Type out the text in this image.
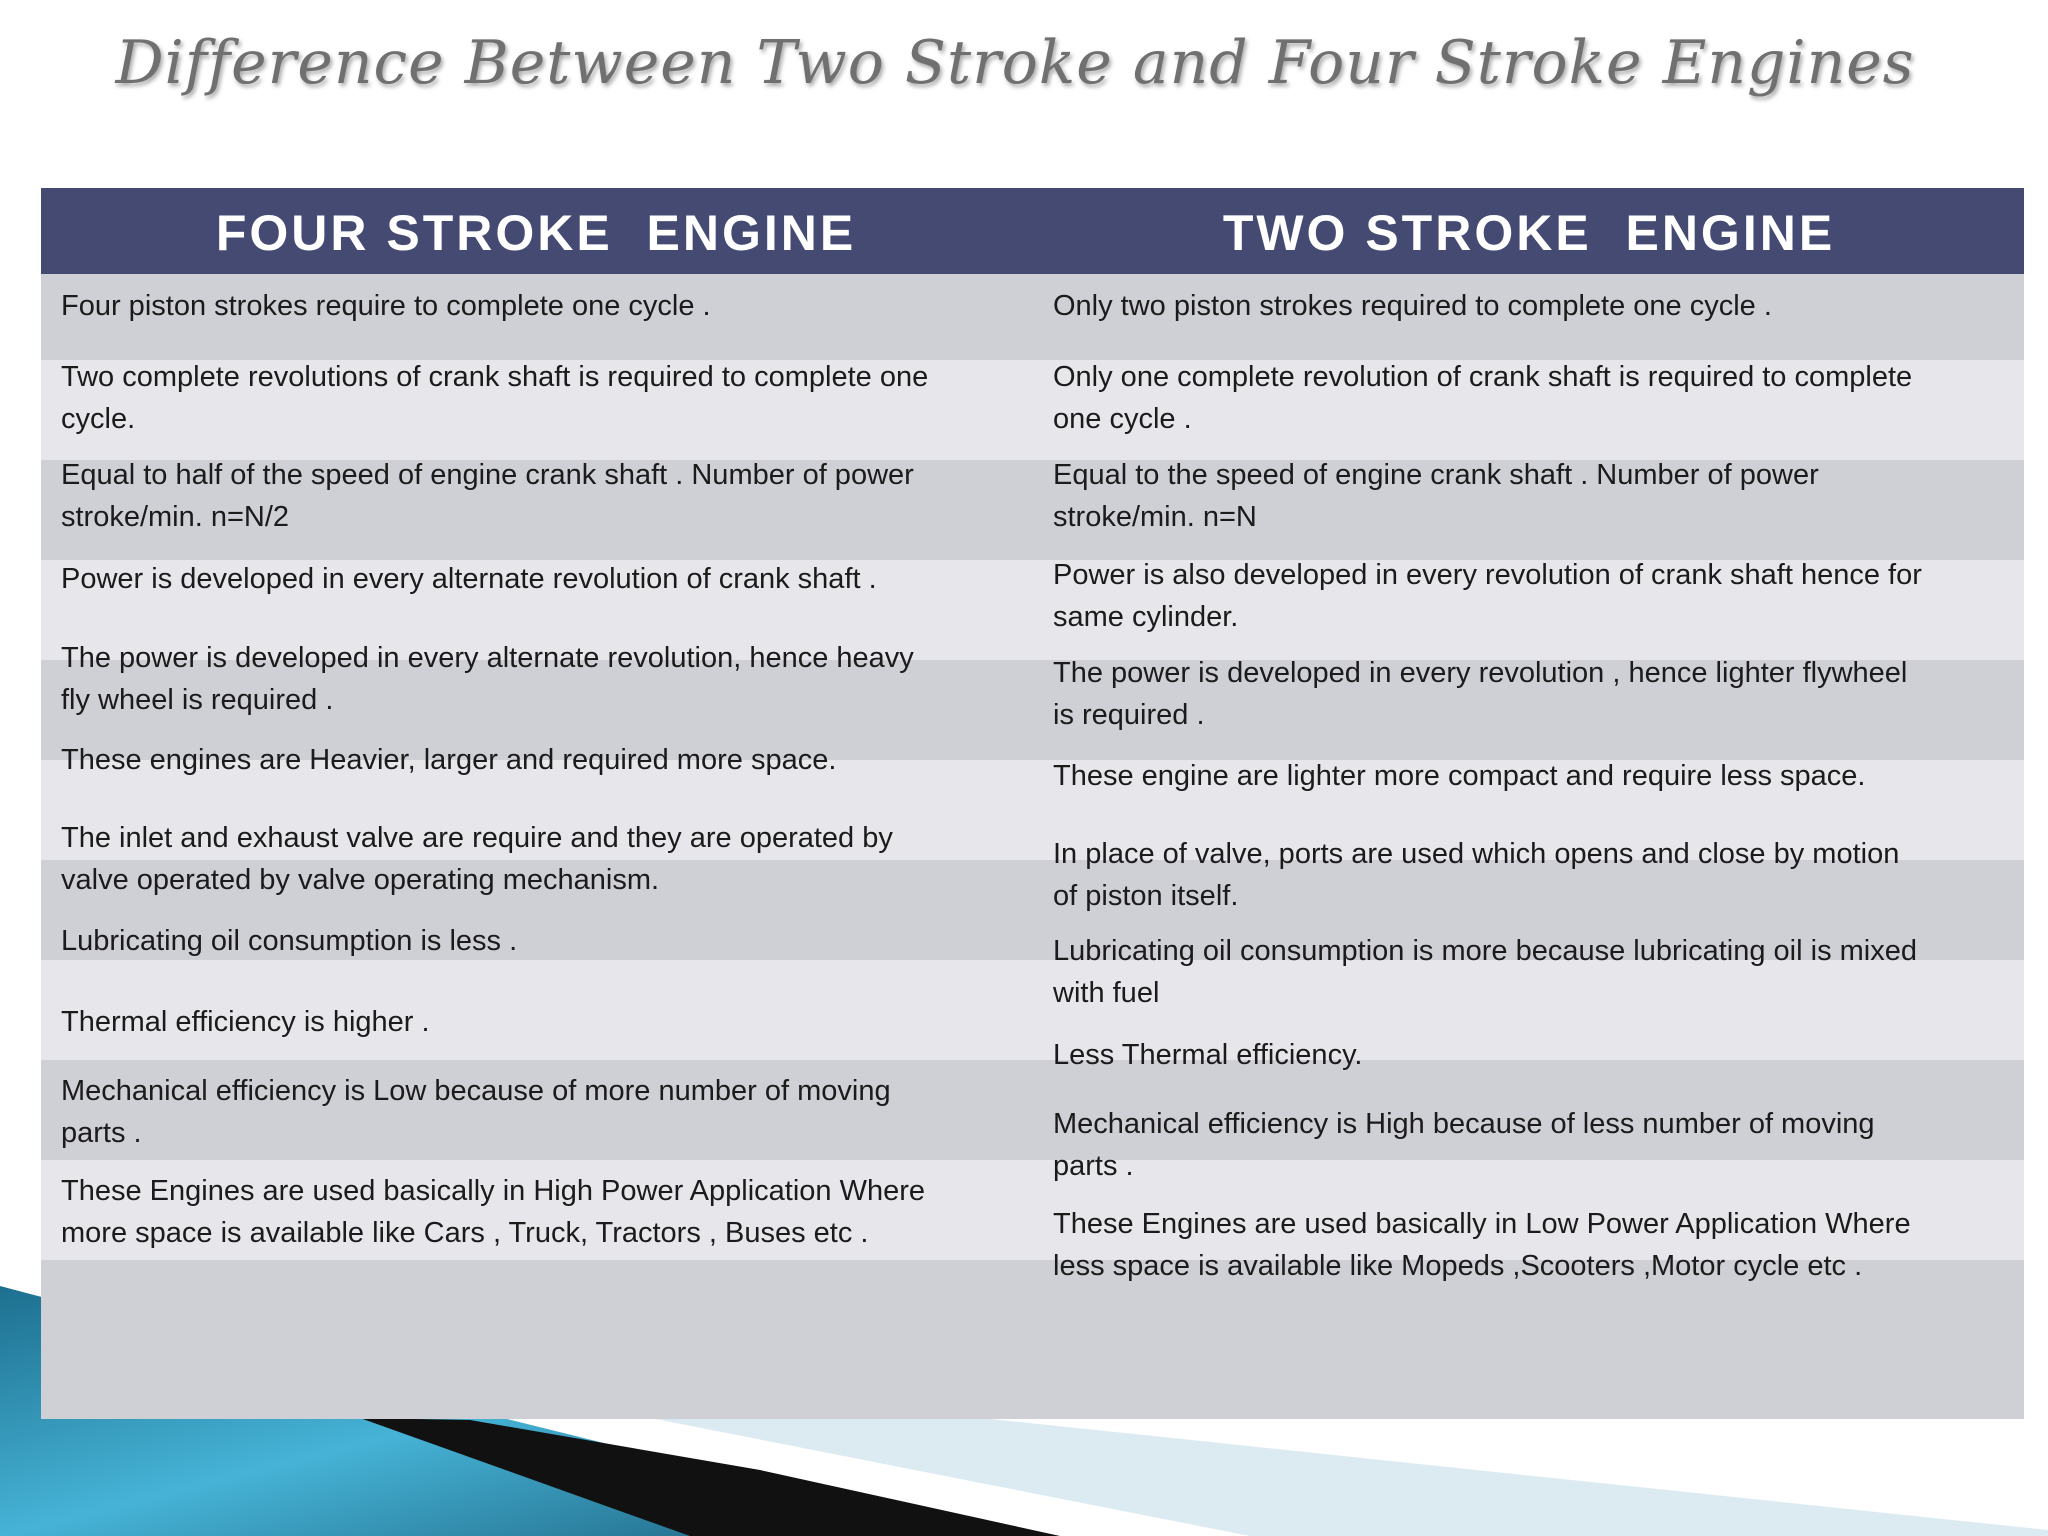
Difference Between Two Stroke and Four Stroke Engines
FOUR STROKE  ENGINE	TWO STROKE  ENGINE
Four piston strokes require to complete one cycle .
Two complete revolutions of crank shaft is required to complete one
cycle.
Equal to half of the speed of engine crank shaft . Number of power
stroke/min. n=N/2
Power is developed in every alternate revolution of crank shaft .
The power is developed in every alternate revolution, hence heavy
fly wheel is required .
These engines are Heavier, larger and required more space.
The inlet and exhaust valve are require and they are operated by
valve operated by valve operating mechanism.
Lubricating oil consumption is less .
Thermal efficiency is higher .
Mechanical efficiency is Low because of more number of moving
parts .
These Engines are used basically in High Power Application Where
more space is available like Cars , Truck, Tractors , Buses etc .
Only two piston strokes required to complete one cycle .
Only one complete revolution of crank shaft is required to complete
one cycle .
Equal to the speed of engine crank shaft . Number of power
stroke/min. n=N
Power is also developed in every revolution of crank shaft hence for
same cylinder.
The power is developed in every revolution , hence lighter flywheel
is required .
These engine are lighter more compact and require less space.
In place of valve, ports are used which opens and close by motion
of piston itself.
Lubricating oil consumption is more because lubricating oil is mixed
with fuel
Less Thermal efficiency.
Mechanical efficiency is High because of less number of moving
parts .
These Engines are used basically in Low Power Application Where
less space is available like Mopeds ,Scooters ,Motor cycle etc .
